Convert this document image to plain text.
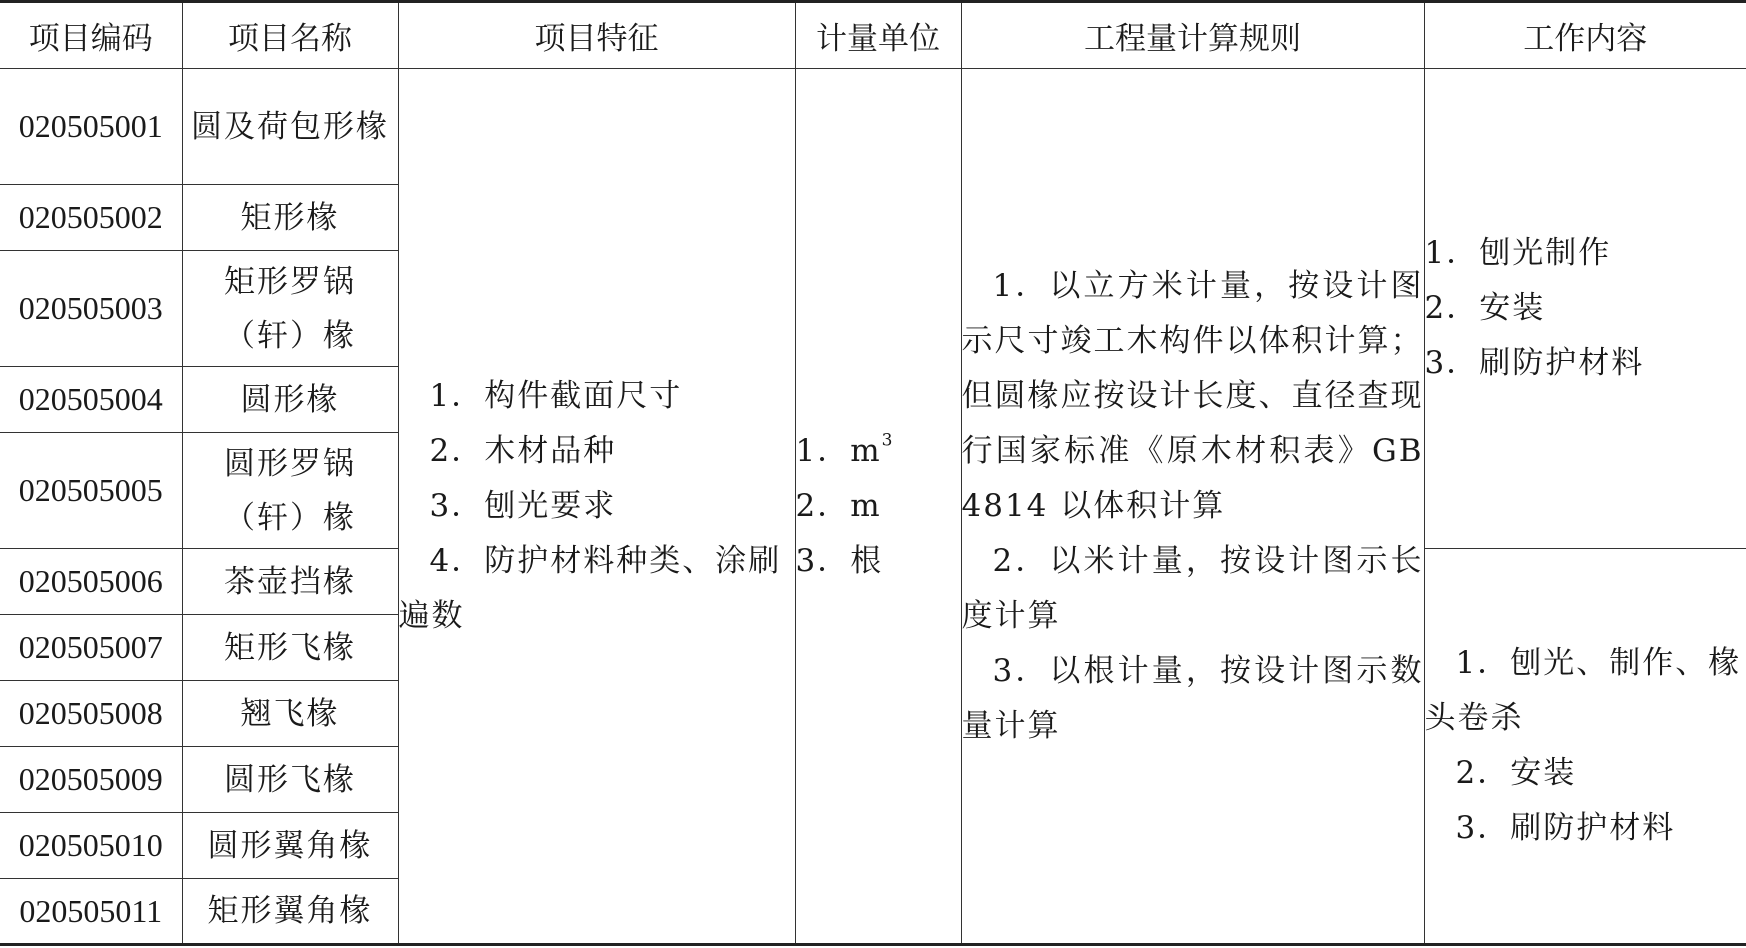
项目编码	项目名称	项目特征	计量单位	工程量计算规则	工作内容
020505001	圆及荷包形椽	1．构件截面尺寸
2．木材品种
3．刨光要求
4．防护材料种类、涂刷遍数	1．$m^3$
2．m
3．根	1．以立方米计量，按设计图示尺寸竣工木构件以体积计算；但圆椽应按设计长度、直径查现行国家标准《原木材积表》GB 4814 以体积计算
2．以米计量，按设计图示长度计算
3．以根计量，按设计图示数量计算	1．刨光制作
2．安装
3．刷防护材料

020505002	矩形椽				
020505003	矩形罗锅（轩）椽				
020505004	圆形椽				
020505005	圆形罗锅（轩）椽				
020505006	茶壶挡椽				1．刨光、制作、椽头卷杀
2．安装
3．刷防护材料

020505007	矩形飞椽				
020505008	翘飞椽				
020505009	圆形飞椽				
020505010	圆形翼角椽				
020505011	矩形翼角椽				
